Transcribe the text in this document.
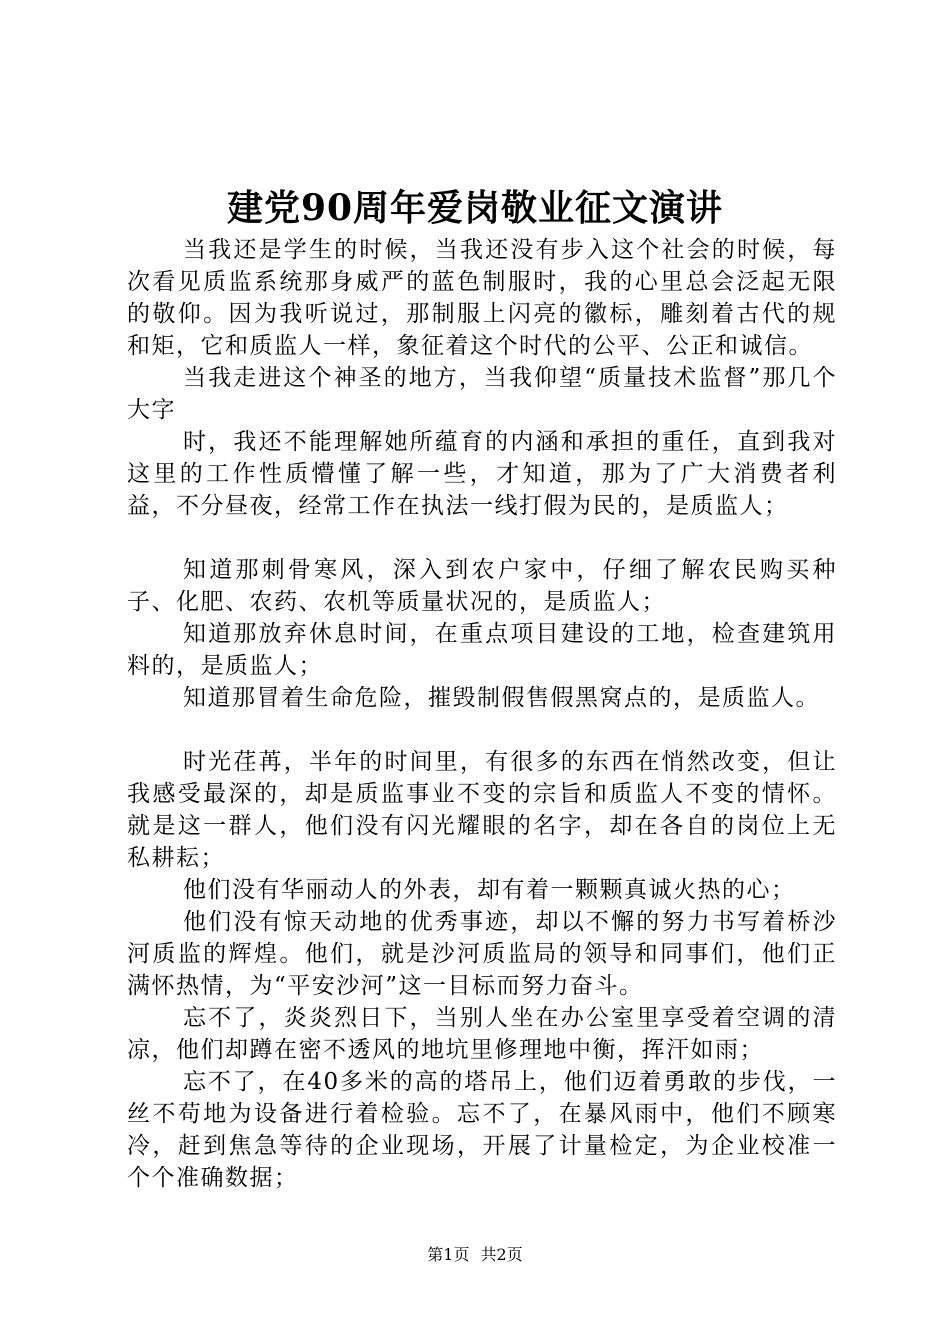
建党90周年爱岗敬业征文演讲

当我还是学生的时候，当我还没有步入这个社会的时候，每次看见质监系统那身威严的蓝色制服时，我的心里总会泛起无限的敬仰。因为我听说过，那制服上闪亮的徽标，雕刻着古代的规和矩，它和质监人一样，象征着这个时代的公平、公正和诚信。

当我走进这个神圣的地方，当我仰望“质量技术监督”那几个大字

时，我还不能理解她所蕴育的内涵和承担的重任，直到我对这里的工作性质懵懂了解一些，才知道，那为了广大消费者利益，不分昼夜，经常工作在执法一线打假为民的，是质监人；

知道那刺骨寒风，深入到农户家中，仔细了解农民购买种子、化肥、农药、农机等质量状况的，是质监人；

知道那放弃休息时间，在重点项目建设的工地，检查建筑用料的，是质监人；

知道那冒着生命危险，摧毁制假售假黑窝点的，是质监人。

时光荏苒，半年的时间里，有很多的东西在悄然改变，但让我感受最深的，却是质监事业不变的宗旨和质监人不变的情怀。就是这一群人，他们没有闪光耀眼的名字，却在各自的岗位上无私耕耘；

他们没有华丽动人的外表，却有着一颗颗真诚火热的心；

他们没有惊天动地的优秀事迹，却以不懈的努力书写着桥沙河质监的辉煌。他们，就是沙河质监局的领导和同事们，他们正满怀热情，为“平安沙河”这一目标而努力奋斗。

忘不了，炎炎烈日下，当别人坐在办公室里享受着空调的清凉，他们却蹲在密不透风的地坑里修理地中衡，挥汗如雨；

忘不了，在40多米的高的塔吊上，他们迈着勇敢的步伐，一丝不苟地为设备进行着检验。忘不了，在暴风雨中，他们不顾寒冷，赶到焦急等待的企业现场，开展了计量检定，为企业校准一个个准确数据；

第1页 共2页
